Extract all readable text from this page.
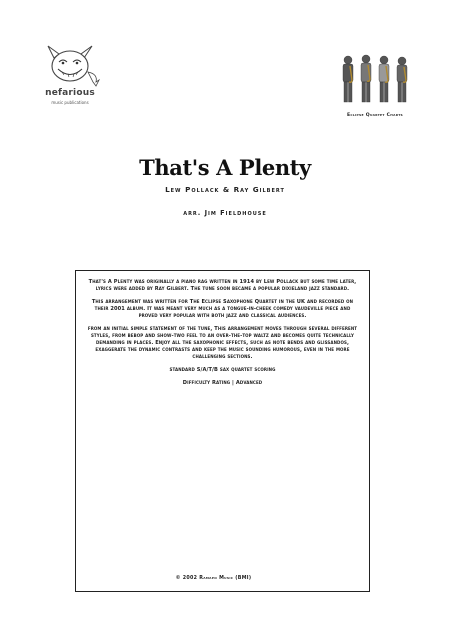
nefarious
music publications
Eclipse Quartet Charts
That's A Plenty
Lew Pollack & Ray Gilbert
arr. Jim Fieldhouse

That's A Plenty was originally a piano rag written in 1914 by Lew Pollack but some time later, lyrics were added by Ray Gilbert. The tune soon became a popular dixieland jazz standard.

This arrangement was written for The Eclipse Saxophone Quartet in the UK and recorded on their 2001 album. It was meant very much as a tongue-in-cheek comedy vaudeville piece and proved very popular with both jazz and classical audiences.

from an initial simple statement of the tune, This arrangement moves through several different styles, from bebop and show-two feel to an over-the-top waltz and becomes quite technically demanding in places. Enjoy all the saxophonic effects, such as note bends and glissandos, exaggerate the dynamic contrasts and keep the music sounding humorous, even in the more challenging sections.

standard S/A/T/B sax quartet scoring

Difficulty Rating | Advanced

© 2002 Ramapo Music (BMI)
